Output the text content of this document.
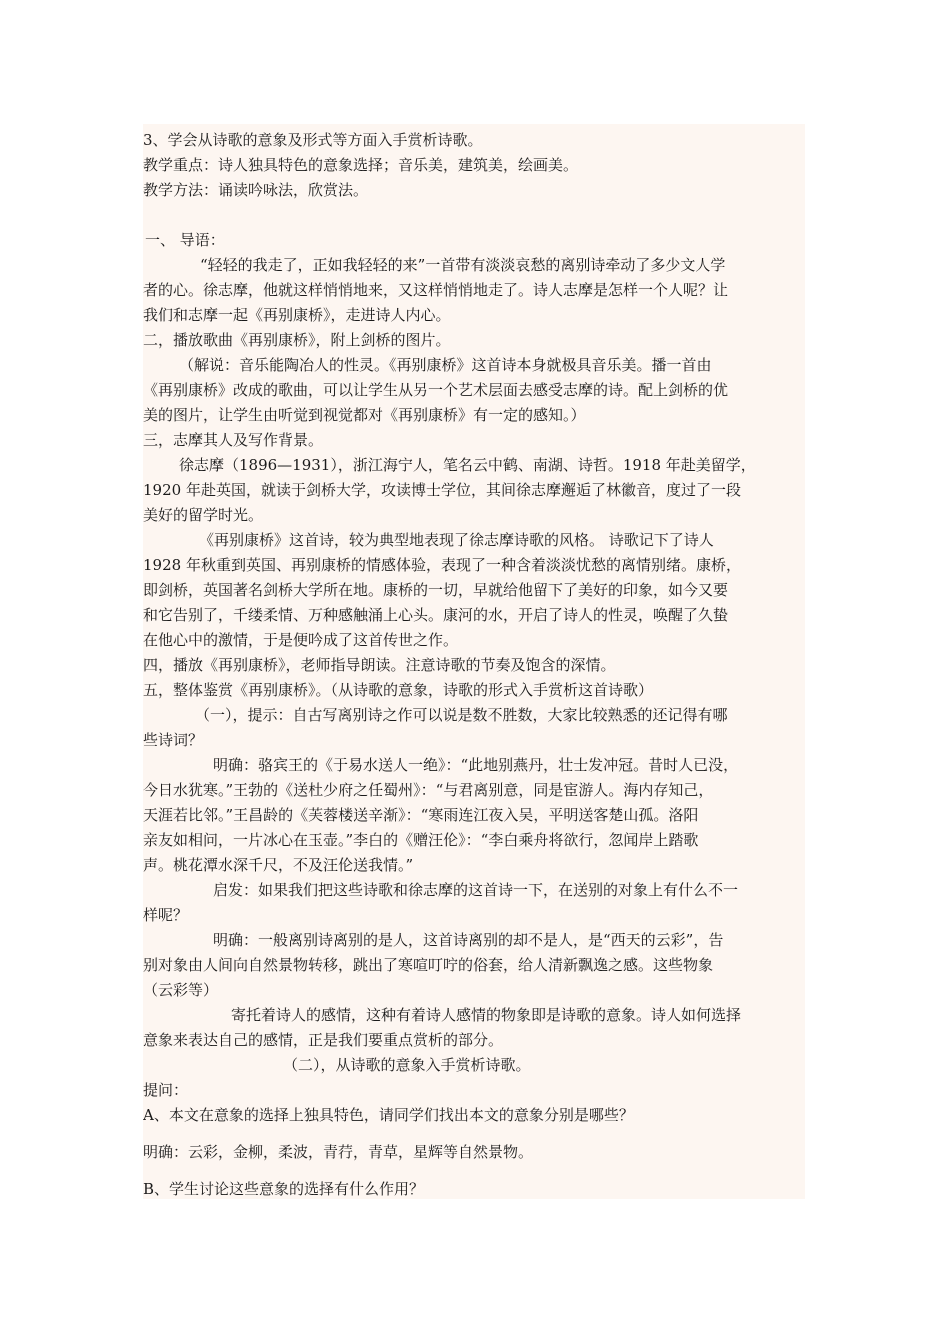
3、学会从诗歌的意象及形式等方面入手赏析诗歌。
教学重点：诗人独具特色的意象选择；音乐美，建筑美，绘画美。
教学方法：诵读吟咏法，欣赏法。
一、 导语：
“轻轻的我走了，正如我轻轻的来”一首带有淡淡哀愁的离别诗牵动了多少文人学
者的心。徐志摩，他就这样悄悄地来，又这样悄悄地走了。诗人志摩是怎样一个人呢？让
我们和志摩一起《再别康桥》，走进诗人内心。
二，播放歌曲《再别康桥》，附上剑桥的图片。
（解说：音乐能陶冶人的性灵。《再别康桥》这首诗本身就极具音乐美。播一首由
《再别康桥》改成的歌曲，可以让学生从另一个艺术层面去感受志摩的诗。配上剑桥的优
美的图片，让学生由听觉到视觉都对《再别康桥》有一定的感知。）
三，志摩其人及写作背景。
徐志摩（1896—1931），浙江海宁人，笔名云中鹤、南湖、诗哲。1918 年赴美留学，
1920 年赴英国，就读于剑桥大学，攻读博士学位，其间徐志摩邂逅了林徽音，度过了一段
美好的留学时光。
《再别康桥》这首诗，较为典型地表现了徐志摩诗歌的风格。 诗歌记下了诗人
1928 年秋重到英国、再别康桥的情感体验，表现了一种含着淡淡忧愁的离情别绪。康桥，
即剑桥，英国著名剑桥大学所在地。康桥的一切，早就给他留下了美好的印象，如今又要
和它告别了，千缕柔情、万种感触涌上心头。康河的水，开启了诗人的性灵，唤醒了久蛰
在他心中的激情，于是便吟成了这首传世之作。
四，播放《再别康桥》，老师指导朗读。注意诗歌的节奏及饱含的深情。
五，整体鉴赏《再别康桥》。（从诗歌的意象，诗歌的形式入手赏析这首诗歌）
（一），提示：自古写离别诗之作可以说是数不胜数，大家比较熟悉的还记得有哪
些诗词？
明确：骆宾王的《于易水送人一绝》：“此地别燕丹，壮士发冲冠。昔时人已没，
今日水犹寒。”王勃的《送杜少府之任蜀州》：“与君离别意，同是宦游人。海内存知己，
天涯若比邻。”王昌龄的《芙蓉楼送辛渐》：“寒雨连江夜入吴，平明送客楚山孤。洛阳
亲友如相问，一片冰心在玉壶。”李白的《赠汪伦》：“李白乘舟将欲行，忽闻岸上踏歌
声。桃花潭水深千尺，不及汪伦送我情。”
启发：如果我们把这些诗歌和徐志摩的这首诗一下，在送别的对象上有什么不一
样呢？
明确：一般离别诗离别的是人，这首诗离别的却不是人，是“西天的云彩”，告
别对象由人间向自然景物转移，跳出了寒喧叮咛的俗套，给人清新飘逸之感。这些物象
（云彩等）
寄托着诗人的感情，这种有着诗人感情的物象即是诗歌的意象。诗人如何选择
意象来表达自己的感情，正是我们要重点赏析的部分。
（二），从诗歌的意象入手赏析诗歌。
提问：
A、本文在意象的选择上独具特色，请同学们找出本文的意象分别是哪些？
明确：云彩，金柳，柔波，青荇，青草，星辉等自然景物。
B、学生讨论这些意象的选择有什么作用？
